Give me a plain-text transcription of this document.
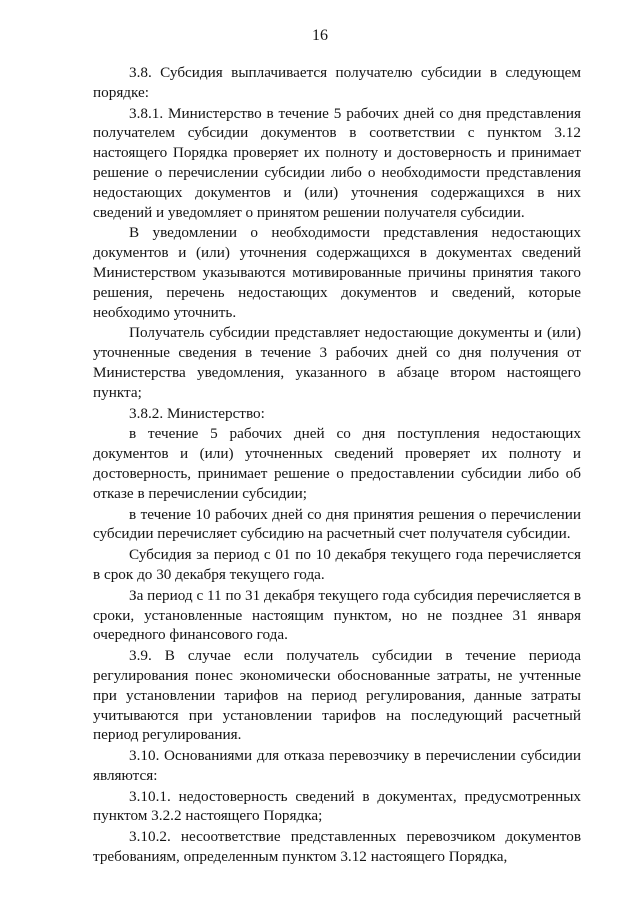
16

3.8. Субсидия выплачивается получателю субсидии в следующем порядке:

3.8.1. Министерство в течение 5 рабочих дней со дня представления получателем субсидии документов в соответствии с пунктом 3.12 настоящего Порядка проверяет их полноту и достоверность и принимает решение о перечислении субсидии либо о необходимости представления недостающих документов и (или) уточнения содержащихся в них сведений и уведомляет о принятом решении получателя субсидии.

В уведомлении о необходимости представления недостающих документов и (или) уточнения содержащихся в документах сведений Министерством указываются мотивированные причины принятия такого решения, перечень недостающих документов и сведений, которые необходимо уточнить.

Получатель субсидии представляет недостающие документы и (или) уточненные сведения в течение 3 рабочих дней со дня получения от Министерства уведомления, указанного в абзаце втором настоящего пункта;

3.8.2. Министерство:

в течение 5 рабочих дней со дня поступления недостающих документов и (или) уточненных сведений проверяет их полноту и достоверность, принимает решение о предоставлении субсидии либо об отказе в перечислении субсидии;

в течение 10 рабочих дней со дня принятия решения о перечислении субсидии перечисляет субсидию на расчетный счет получателя субсидии.

Субсидия за период с 01 по 10 декабря текущего года перечисляется в срок до 30 декабря текущего года.

За период с 11 по 31 декабря текущего года субсидия перечисляется в сроки, установленные настоящим пунктом, но не позднее 31 января очередного финансового года.

3.9. В случае если получатель субсидии в течение периода регулирования понес экономически обоснованные затраты, не учтенные при установлении тарифов на период регулирования, данные затраты учитываются при установлении тарифов на последующий расчетный период регулирования.

3.10. Основаниями для отказа перевозчику в перечислении субсидии являются:

3.10.1. недостоверность сведений в документах, предусмотренных пунктом 3.2.2 настоящего Порядка;

3.10.2. несоответствие представленных перевозчиком документов требованиям, определенным пунктом 3.12 настоящего Порядка,
